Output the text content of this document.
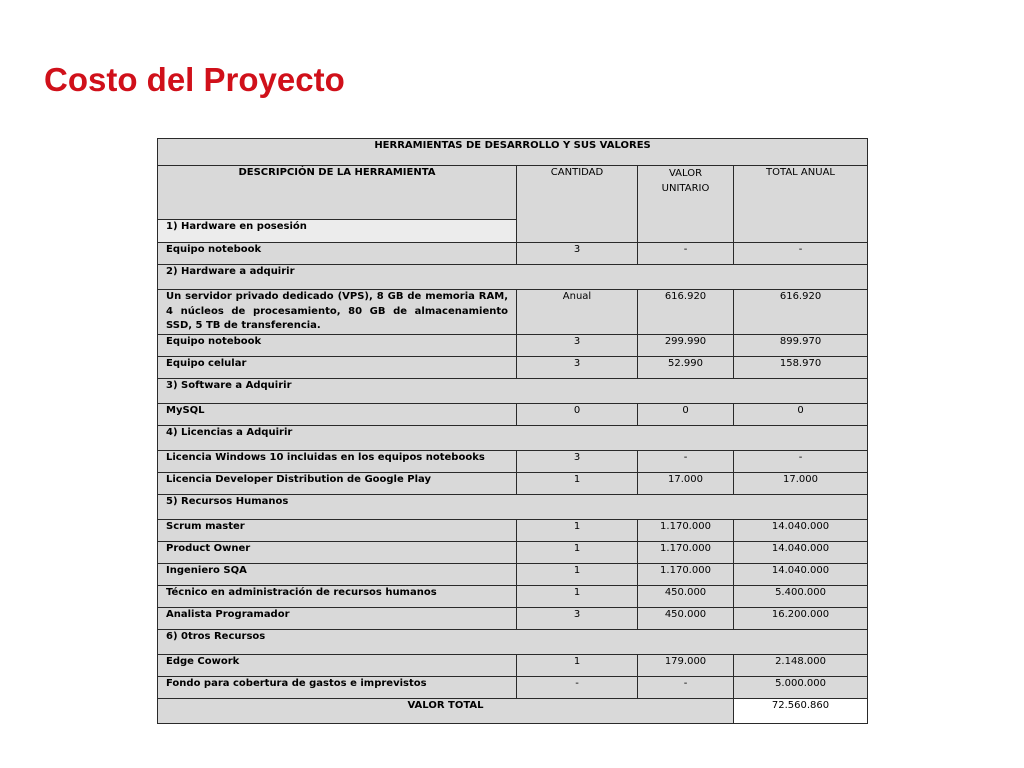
Costo del Proyecto
HERRAMIENTAS DE DESARROLLO Y SUS VALORES			
DESCRIPCIÓN DE LA HERRAMIENTA	CANTIDAD	VALOR UNITARIO	TOTAL ANUAL
1) Hardware en posesión			
Equipo notebook	3	-	-
2) Hardware a adquirir			
Un servidor privado dedicado (VPS), 8 GB de memoria RAM, 4 núcleos de procesamiento, 80 GB de almacenamiento SSD, 5 TB de transferencia.	Anual	616.920	616.920
Equipo notebook	3	299.990	899.970
Equipo celular	3	52.990	158.970
3) Software a Adquirir			
MySQL	0	0	0
4) Licencias a Adquirir			
Licencia Windows 10 incluidas en los equipos notebooks	3	-	-
Licencia Developer Distribution de Google Play	1	17.000	17.000
5) Recursos Humanos			
Scrum master	1	1.170.000	14.040.000
Product Owner	1	1.170.000	14.040.000
Ingeniero SQA	1	1.170.000	14.040.000
Técnico en administración de recursos humanos	1	450.000	5.400.000
Analista Programador	3	450.000	16.200.000
6) 0tros Recursos			
Edge Cowork	1	179.000	2.148.000
Fondo para cobertura de gastos e imprevistos	-	-	5.000.000
VALOR TOTAL			72.560.860
